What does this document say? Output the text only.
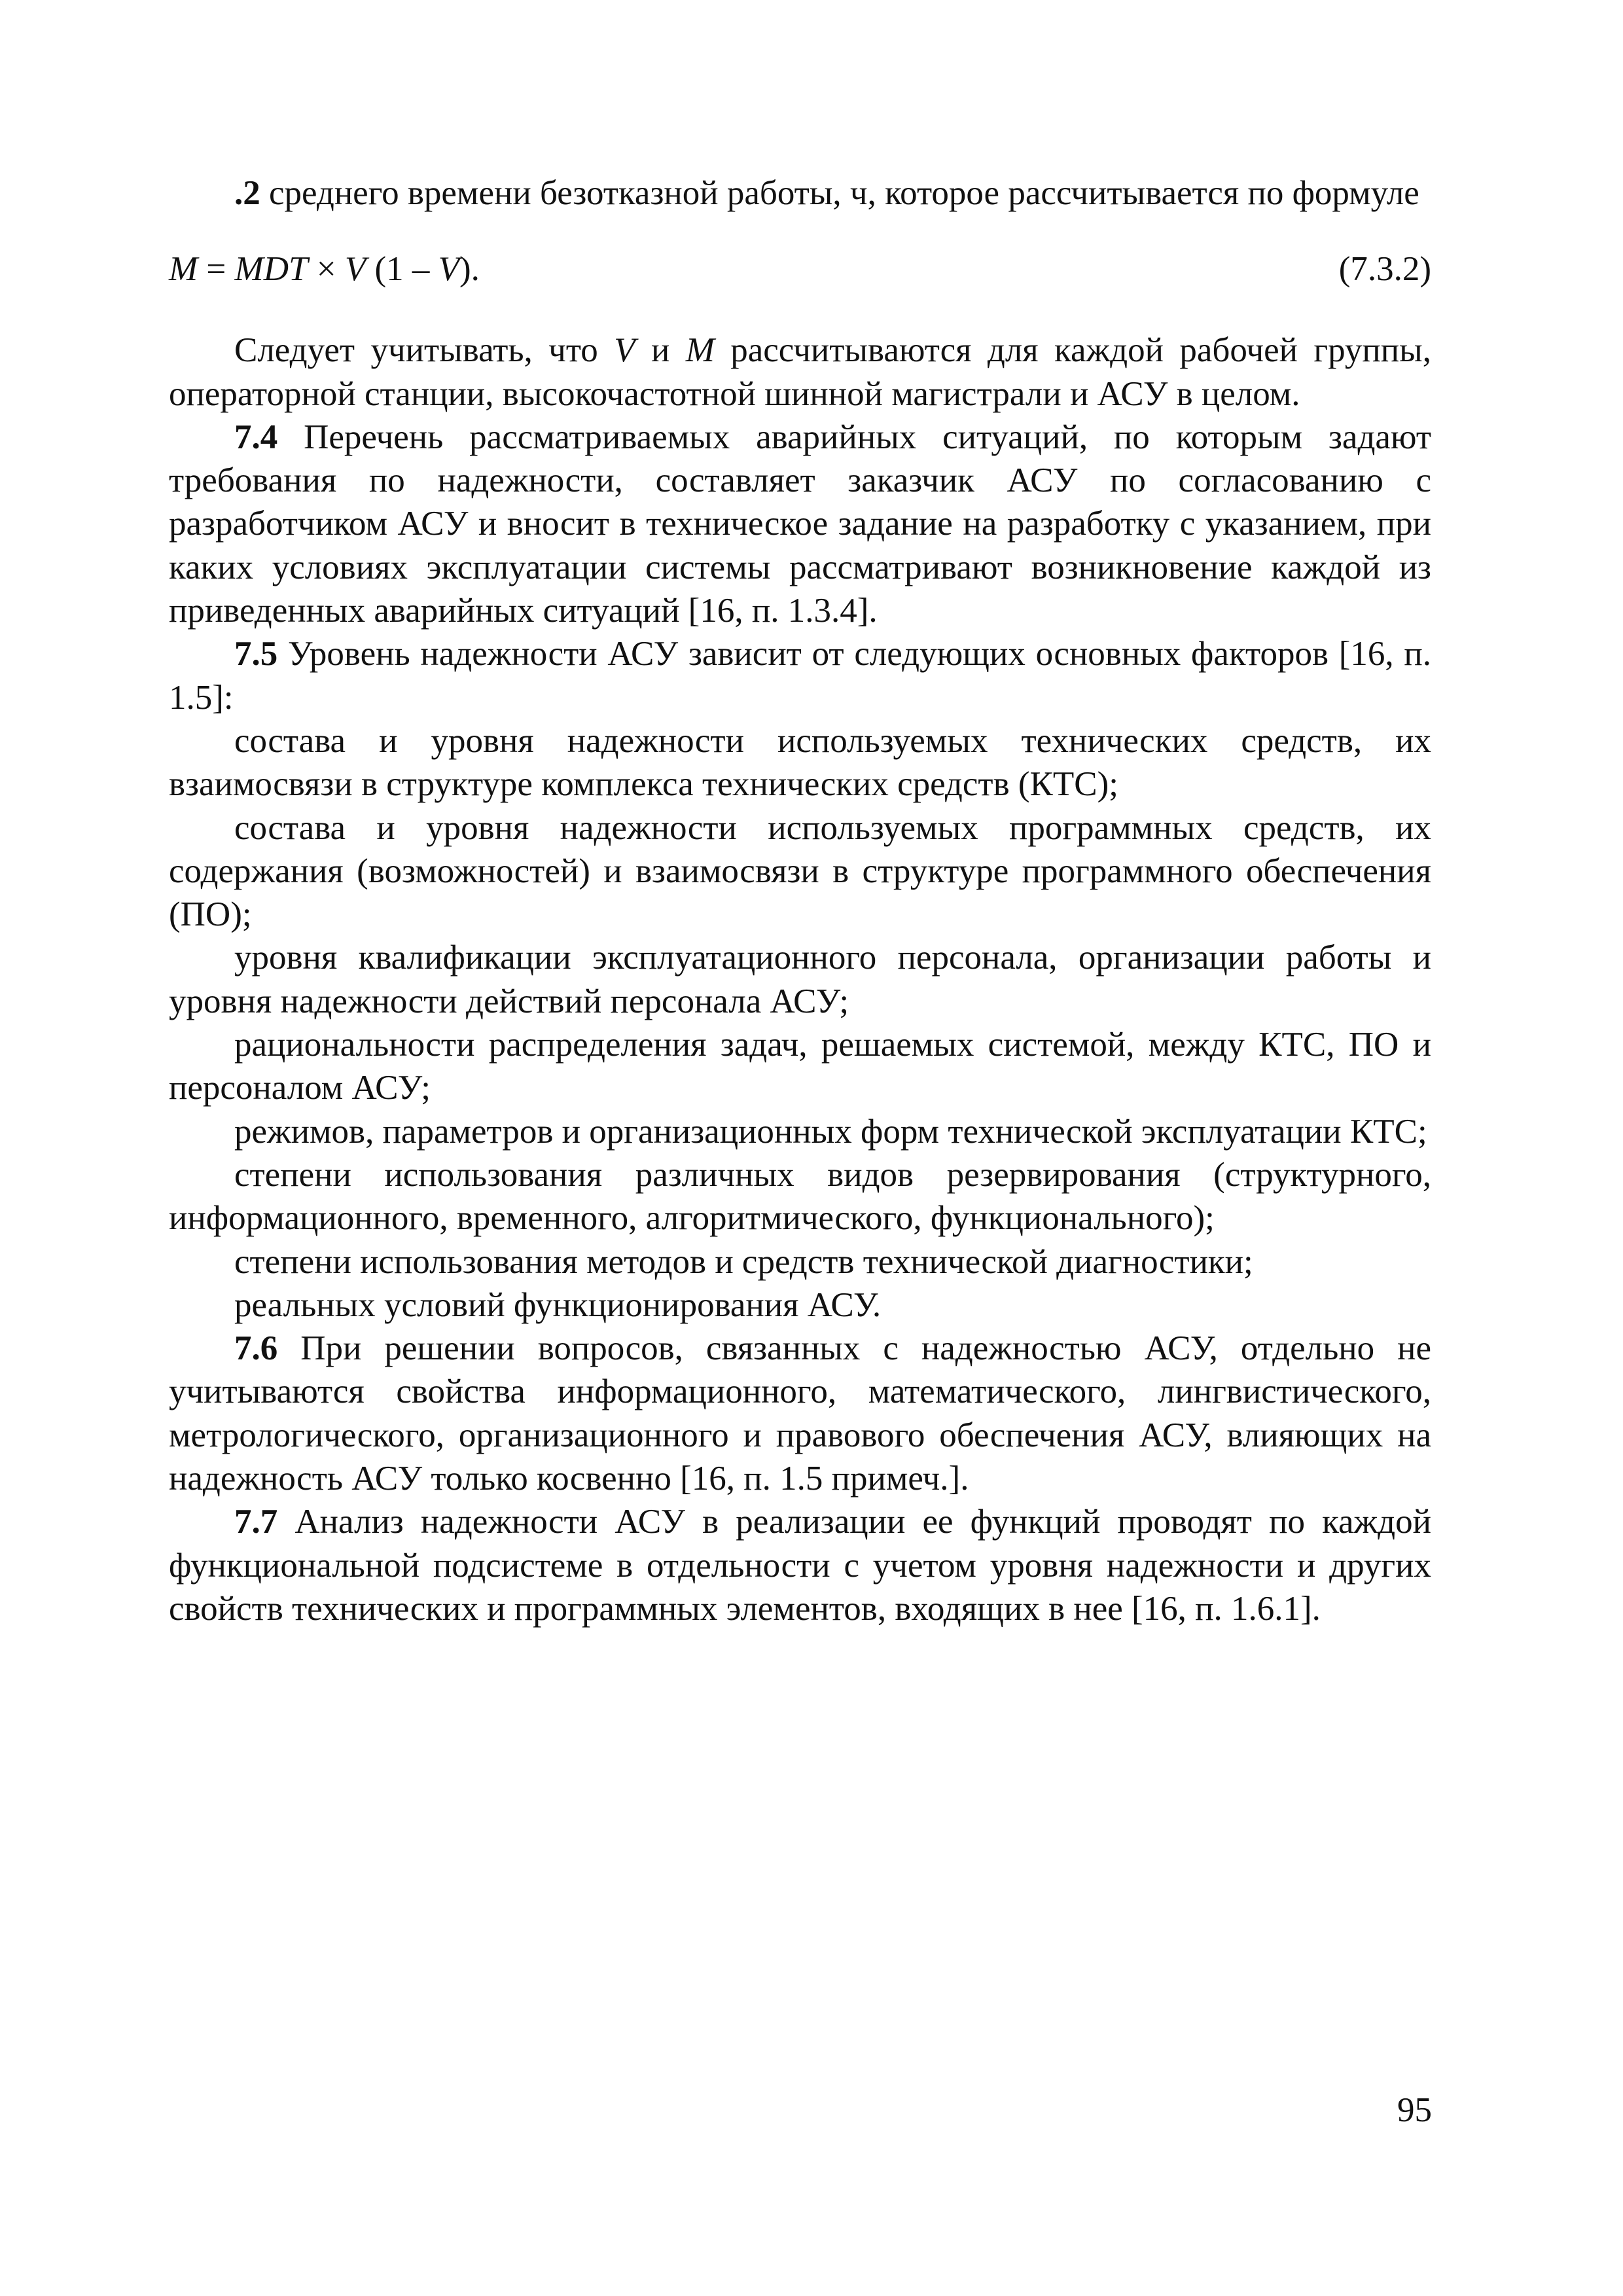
.2 среднего времени безотказной работы, ч, которое рассчитывается по формуле

M = MDT × V (1 – V).	(7.3.2)

Следует учитывать, что V и M рассчитываются для каждой рабочей группы, операторной станции, высокочастотной шинной магистрали и АСУ в целом.

7.4 Перечень рассматриваемых аварийных ситуаций, по которым задают требования по надежности, составляет заказчик АСУ по согласованию с разработчиком АСУ и вносит в техническое задание на разработку с указанием, при каких условиях эксплуатации системы рассматривают возникновение каждой из приведенных аварийных ситуаций [16, п. 1.3.4].

7.5 Уровень надежности АСУ зависит от следующих основных факторов [16, п. 1.5]:

состава и уровня надежности используемых технических средств, их взаимосвязи в структуре комплекса технических средств (КТС);

состава и уровня надежности используемых программных средств, их содержания (возможностей) и взаимосвязи в структуре программного обеспечения (ПО);

уровня квалификации эксплуатационного персонала, организации работы и уровня надежности действий персонала АСУ;

рациональности распределения задач, решаемых системой, между КТС, ПО и персоналом АСУ;

режимов, параметров и организационных форм технической эксплуатации КТС;

степени использования различных видов резервирования (структурного, информационного, временного, алгоритмического, функционального);

степени использования методов и средств технической диагностики;

реальных условий функционирования АСУ.

7.6 При решении вопросов, связанных с надежностью АСУ, отдельно не учитываются свойства информационного, математического, лингвистического, метрологического, организационного и правового обеспечения АСУ, влияющих на надежность АСУ только косвенно [16, п. 1.5 примеч.].

7.7 Анализ надежности АСУ в реализации ее функций проводят по каждой функциональной подсистеме в отдельности с учетом уровня надежности и других свойств технических и программных элементов, входящих в нее [16, п. 1.6.1].

95
